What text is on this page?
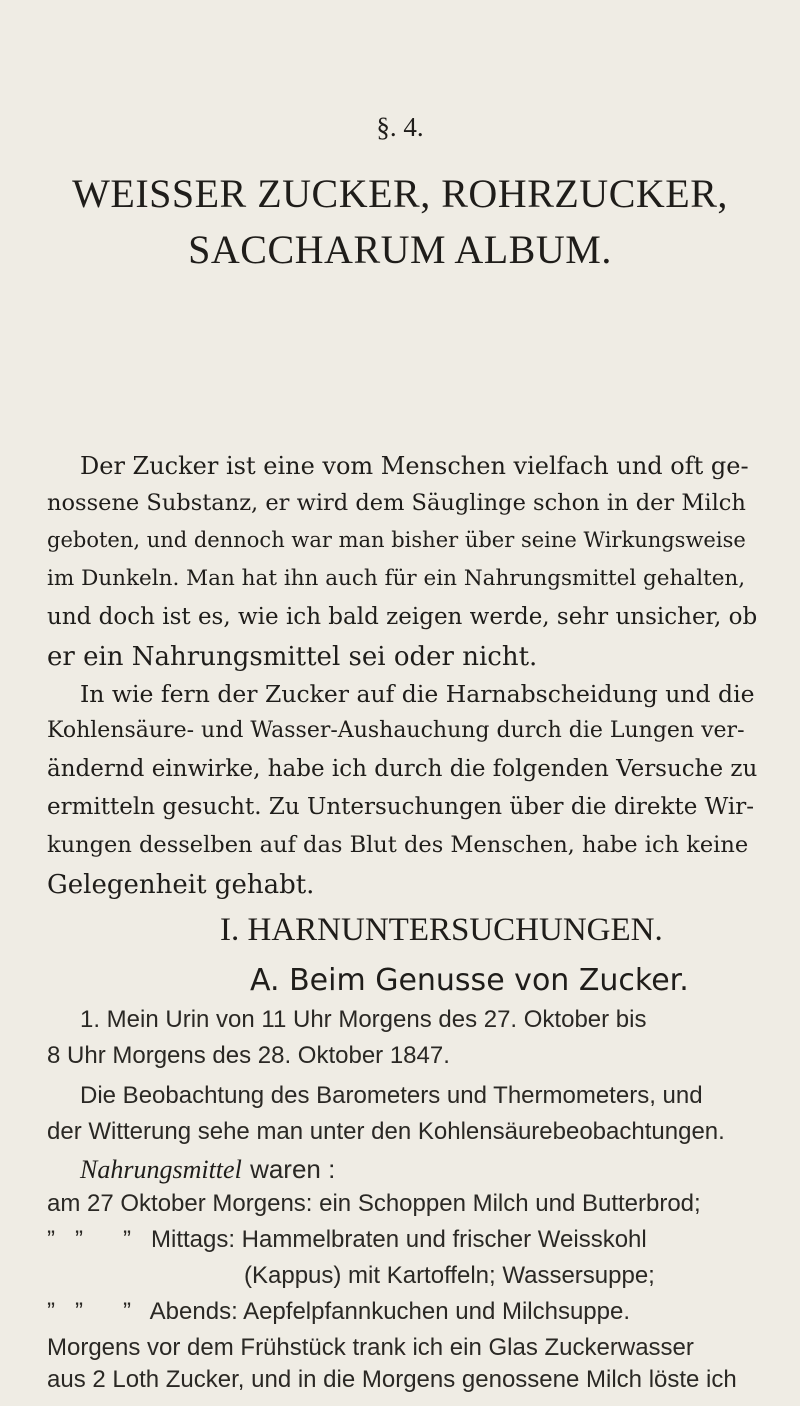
§. 4.
WEISSER ZUCKER, ROHRZUCKER,
SACCHARUM ALBUM.
Der Zucker ist eine vom Menschen vielfach und oft ge-
nossene Substanz, er wird dem Säuglinge schon in der Milch
geboten, und dennoch war man bisher über seine Wirkungsweise
im Dunkeln. Man hat ihn auch für ein Nahrungsmittel gehalten,
und doch ist es, wie ich bald zeigen werde, sehr unsicher, ob
er ein Nahrungsmittel sei oder nicht.
In wie fern der Zucker auf die Harnabscheidung und die
Kohlensäure- und Wasser-Aushauchung durch die Lungen ver-
ändernd einwirke, habe ich durch die folgenden Versuche zu
ermitteln gesucht. Zu Untersuchungen über die direkte Wir-
kungen desselben auf das Blut des Menschen, habe ich keine
Gelegenheit gehabt.
I. HARNUNTERSUCHUNGEN.
A. Beim Genusse von Zucker.
1. Mein Urin von 11 Uhr Morgens des 27. Oktober bis
8 Uhr Morgens des 28. Oktober 1847.
Die Beobachtung des Barometers und Thermometers, und
der Witterung sehe man unter den Kohlensäurebeobachtungen.
Nahrungsmittel waren :
am 27 Oktober Morgens: ein Schoppen Milch und Butterbrod;
”   ”      ”   Mittags: Hammelbraten und frischer Weisskohl
(Kappus) mit Kartoffeln; Wassersuppe;
”   ”      ”   Abends: Aepfelpfannkuchen und Milchsuppe.
Morgens vor dem Frühstück trank ich ein Glas Zuckerwasser
aus 2 Loth Zucker, und in die Morgens genossene Milch löste ich
